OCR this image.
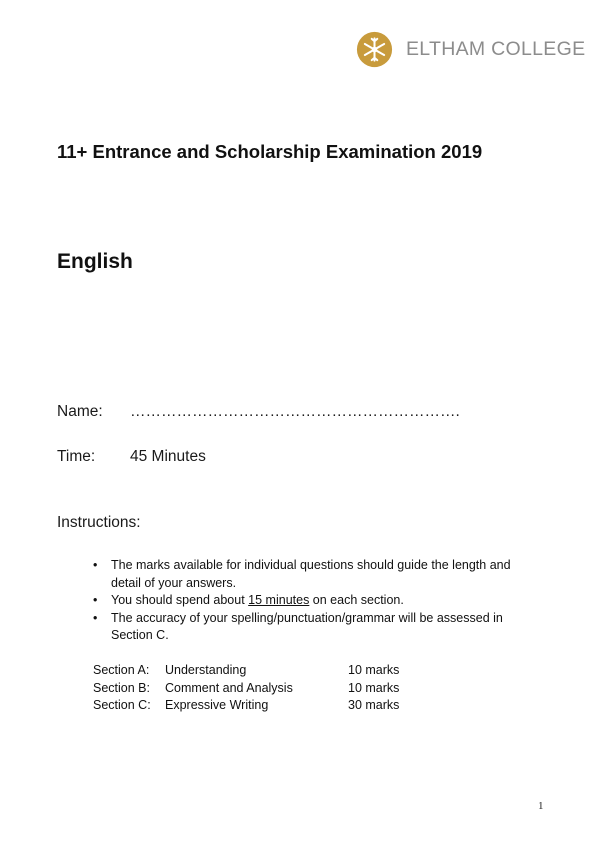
ELTHAM COLLEGE
11+ Entrance and Scholarship Examination 2019
English
Name: ……………………………………………………….
Time: 45 Minutes
Instructions:
• The marks available for individual questions should guide the length and detail of your answers.
• You should spend about 15 minutes on each section.
• The accuracy of your spelling/punctuation/grammar will be assessed in Section C.
Section A:	Understanding	10 marks
Section B:	Comment and Analysis	10 marks
Section C:	Expressive Writing	30 marks
1
